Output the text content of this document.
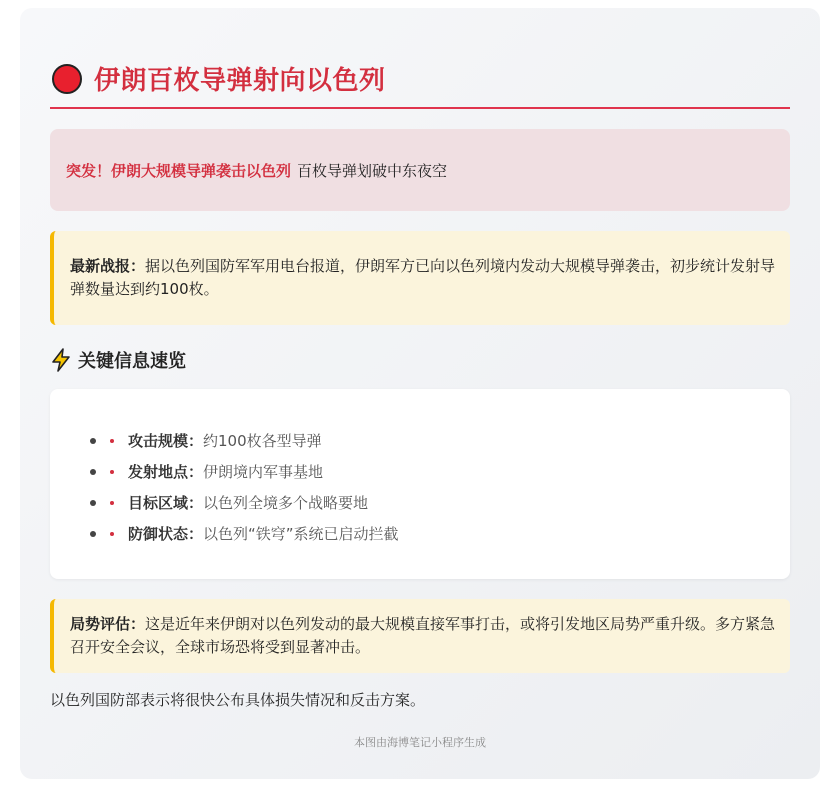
伊朗百枚导弹射向以色列
突发！伊朗大规模导弹袭击以色列 百枚导弹划破中东夜空
最新战报：据以色列国防军军用电台报道，伊朗军方已向以色列境内发动大规模导弹袭击，初步统计发射导弹数量达到约100枚。
关键信息速览
攻击规模： 约100枚各型导弹
发射地点： 伊朗境内军事基地
目标区域： 以色列全境多个战略要地
防御状态： 以色列“铁穹”系统已启动拦截
局势评估：这是近年来伊朗对以色列发动的最大规模直接军事打击，或将引发地区局势严重升级。多方紧急召开安全会议，全球市场恐将受到显著冲击。
以色列国防部表示将很快公布具体损失情况和反击方案。
本图由海博笔记小程序生成
